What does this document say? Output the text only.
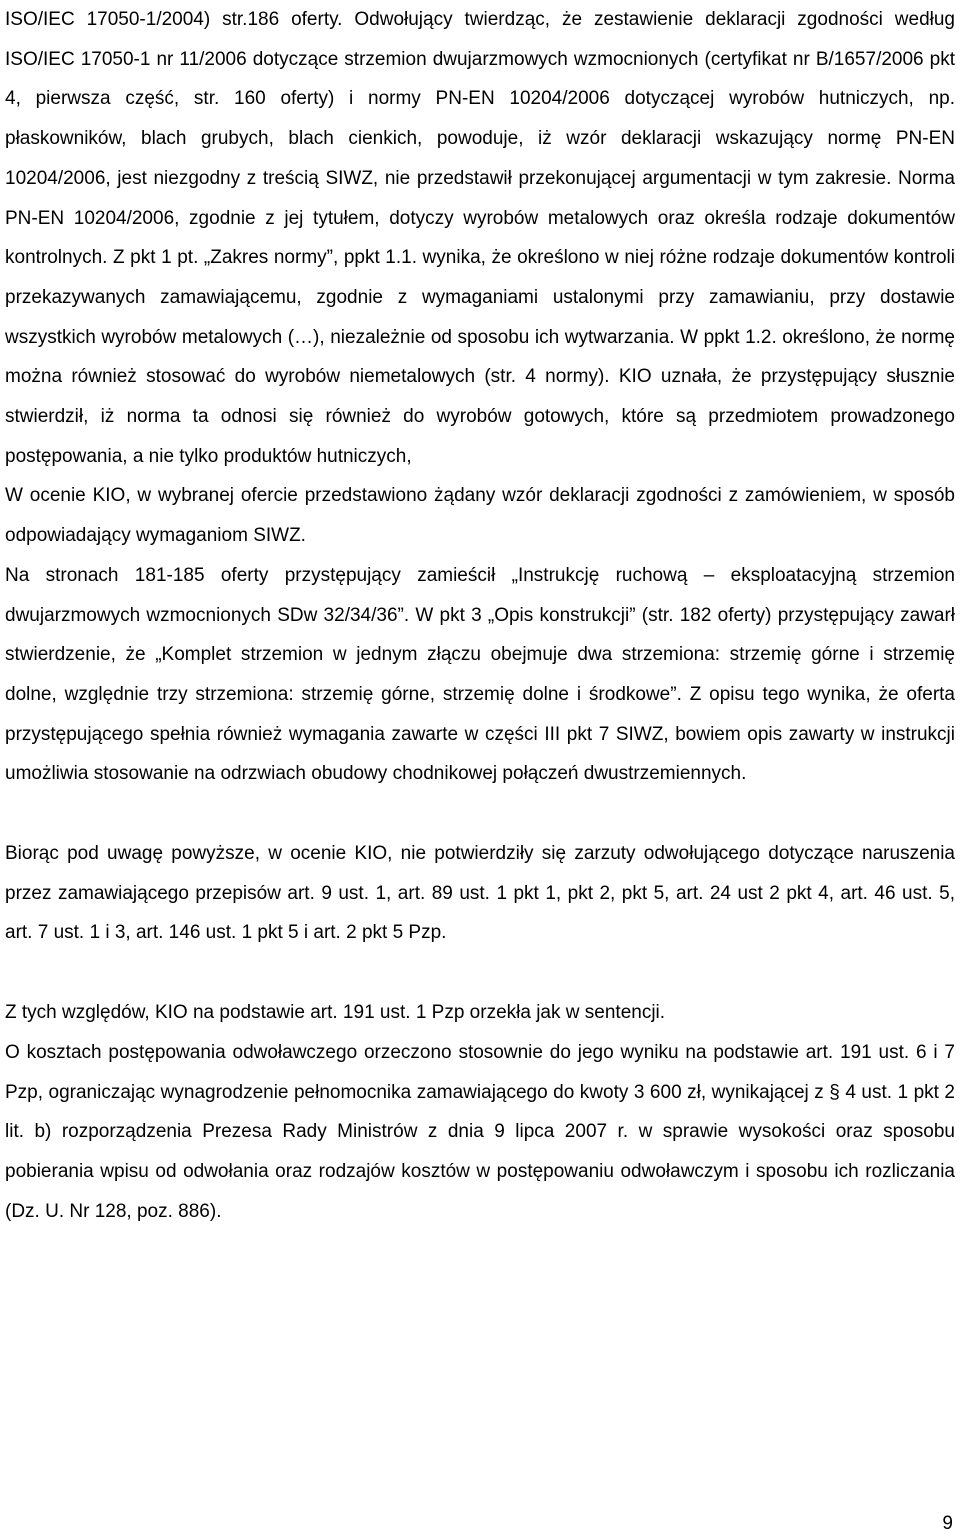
ISO/IEC 17050-1/2004) str.186 oferty. Odwołujący twierdząc, że zestawienie deklaracji zgodności według ISO/IEC 17050-1 nr 11/2006 dotyczące strzemion dwujarzmowych wzmocnionych (certyfikat nr B/1657/2006 pkt 4, pierwsza część, str. 160 oferty) i normy PN-EN 10204/2006 dotyczącej wyrobów hutniczych, np. płaskowników, blach grubych, blach cienkich, powoduje, iż wzór deklaracji wskazujący normę PN-EN 10204/2006, jest niezgodny z treścią SIWZ, nie przedstawił przekonującej argumentacji w tym zakresie. Norma PN-EN 10204/2006, zgodnie z jej tytułem, dotyczy wyrobów metalowych oraz określa rodzaje dokumentów kontrolnych. Z pkt 1 pt. „Zakres normy”, ppkt 1.1. wynika, że określono w niej różne rodzaje dokumentów kontroli przekazywanych zamawiającemu, zgodnie z wymaganiami ustalonymi przy zamawianiu, przy dostawie wszystkich wyrobów metalowych (…), niezależnie od sposobu ich wytwarzania. W ppkt 1.2. określono, że normę można również stosować do wyrobów niemetalowych (str. 4 normy). KIO uznała, że przystępujący słusznie stwierdził, iż norma ta odnosi się również do wyrobów gotowych, które są przedmiotem prowadzonego postępowania, a nie tylko produktów hutniczych,

W ocenie KIO, w wybranej ofercie przedstawiono żądany wzór deklaracji zgodności z zamówieniem, w sposób odpowiadający wymaganiom SIWZ.

Na stronach 181-185 oferty przystępujący zamieścił „Instrukcję ruchową – eksploatacyjną strzemion dwujarzmowych wzmocnionych SDw 32/34/36”. W pkt 3 „Opis konstrukcji” (str. 182 oferty) przystępujący zawarł stwierdzenie, że „Komplet strzemion w jednym złączu obejmuje dwa strzemiona: strzemię górne i strzemię dolne, względnie trzy strzemiona: strzemię górne, strzemię dolne i środkowe”. Z opisu tego wynika, że oferta przystępującego spełnia również wymagania zawarte w części III pkt 7 SIWZ, bowiem opis zawarty w instrukcji umożliwia stosowanie na odrzwiach obudowy chodnikowej połączeń dwustrzemiennych.

Biorąc pod uwagę powyższe, w ocenie KIO, nie potwierdziły się zarzuty odwołującego dotyczące naruszenia przez zamawiającego przepisów art. 9 ust. 1, art. 89 ust. 1 pkt 1, pkt 2, pkt 5, art. 24 ust 2 pkt 4, art. 46 ust. 5, art. 7 ust. 1 i 3, art. 146 ust. 1 pkt 5 i art. 2 pkt 5 Pzp.

Z tych względów, KIO na podstawie art. 191 ust. 1 Pzp orzekła jak w sentencji.

O kosztach postępowania odwoławczego orzeczono stosownie do jego wyniku na podstawie art. 191 ust. 6 i 7 Pzp, ograniczając wynagrodzenie pełnomocnika zamawiającego do kwoty 3 600 zł, wynikającej z § 4 ust. 1 pkt 2 lit. b) rozporządzenia Prezesa Rady Ministrów z dnia 9 lipca 2007 r. w sprawie wysokości oraz sposobu pobierania wpisu od odwołania oraz rodzajów kosztów w postępowaniu odwoławczym i sposobu ich rozliczania (Dz. U. Nr 128, poz. 886).

9
